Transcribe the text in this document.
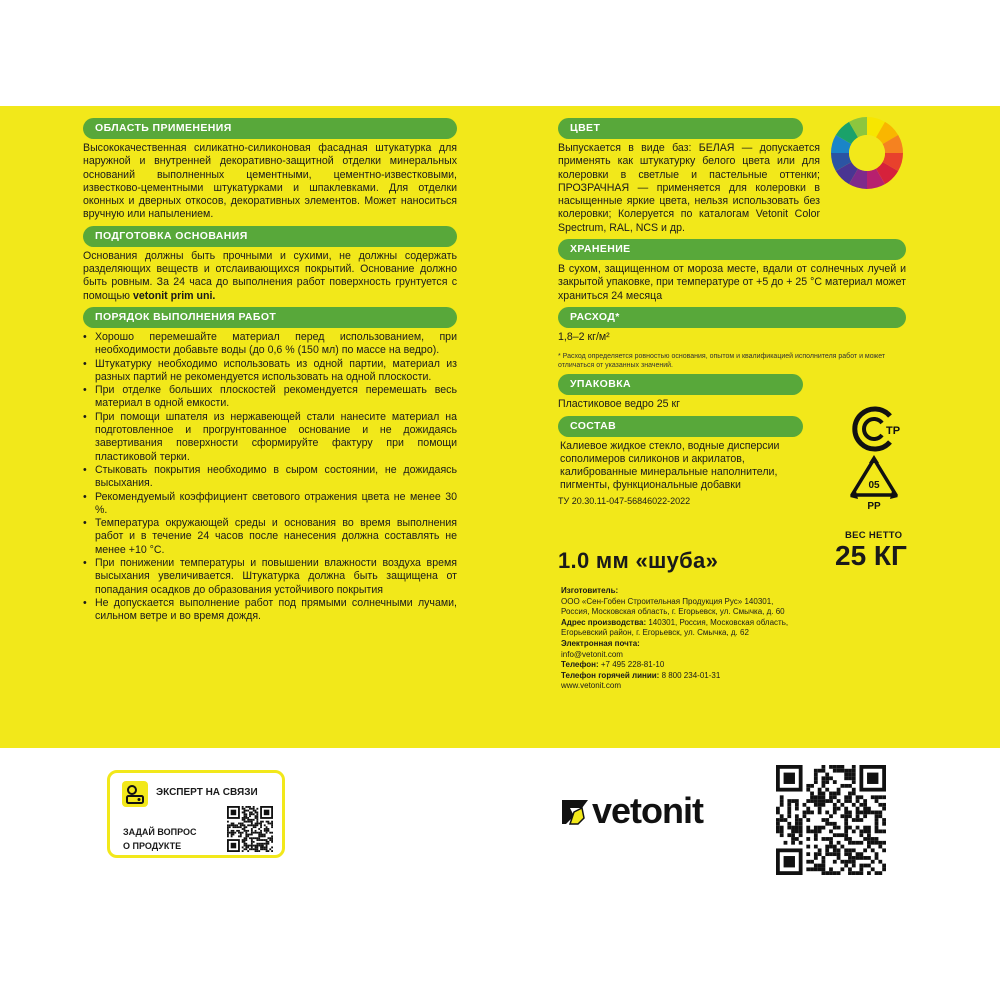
ОБЛАСТЬ ПРИМЕНЕНИЯ
Высококачественная силикатно-силиконовая фасадная штукатурка для наружной и внутренней декоративно-защитной отделки минеральных оснований выполненных цементными, цементно-известковыми, известково-цементными штукатурками и шпаклевками. Для отделки оконных и дверных откосов, декоративных элементов. Может наноситься вручную или напылением.
ПОДГОТОВКА ОСНОВАНИЯ
Основания должны быть прочными и сухими, не должны содержать разделяющих веществ и отслаивающихся покрытий. Основание должно быть ровным. За 24 часа до выполнения работ поверхность грунтуется с помощью vetonit prim uni.
ПОРЯДОК ВЫПОЛНЕНИЯ РАБОТ
• Хорошо перемешайте материал перед использованием, при необходимости добавьте воды (до 0,6 % (150 мл) по массе на ведро).
• Штукатурку необходимо использовать из одной партии, материал из разных партий не рекомендуется использовать на одной плоскости.
• При отделке больших плоскостей рекомендуется перемешать весь материал в одной емкости.
• При помощи шпателя из нержавеющей стали нанесите материал на подготовленное и прогрунтованное основание и не дожидаясь завертивания поверхности сформируйте фактуру при помощи пластиковой терки.
• Стыковать покрытия необходимо в сыром состоянии, не дожидаясь высыхания.
• Рекомендуемый коэффициент светового отражения цвета не менее 30 %.
• Температура окружающей среды и основания во время выполнения работ и в течение 24 часов после нанесения должна составлять не менее +10 °С.
• При понижении температуры и повышении влажности воздуха время высыхания увеличивается. Штукатурка должна быть защищена от попадания осадков до образования устойчивого покрытия
• Не допускается выполнение работ под прямыми солнечными лучами, сильном ветре и во время дождя.
ЦВЕТ
Выпускается в виде баз: БЕЛАЯ — допускается применять как штукатурку белого цвета или для колеровки в светлые и пастельные оттенки; ПРОЗРАЧНАЯ — применяется для колеровки в насыщенные яркие цвета, нельзя использовать без колеровки; Колеруется по каталогам Vetonit Color Spectrum, RAL, NCS и др.
ХРАНЕНИЕ
В сухом, защищенном от мороза месте, вдали от солнечных лучей и закрытой упаковке, при температуре от +5 до + 25 °С материал может храниться 24 месяца
РАСХОД*
1,8–2 кг/м²
* Расход определяется ровностью основания, опытом и квалификацией исполнителя работ и может отличаться от указанных значений.
УПАКОВКА
Пластиковое ведро 25 кг
СОСТАВ
Калиевое жидкое стекло, водные дисперсии сополимеров силиконов и акрилатов, калиброванные минеральные наполнители, пигменты, функциональные добавки
ТУ 20.30.11-047-56846022-2022
ТР
05
PP
1.0 мм «шуба»
ВЕС НЕТТО
25 КГ
Изготовитель:
ООО «Сен-Гобен Строительная Продукция Рус» 140301, Россия, Московская область, г. Егорьевск, ул. Смычка, д. 60
Адрес производства: 140301, Россия, Московская область, Егорьевский район, г. Егорьевск, ул. Смычка, д. 62
Электронная почта:
info@vetonit.com
Телефон: +7 495 228-81-10
Телефон горячей линии: 8 800 234-01-31
www.vetonit.com
ЭКСПЕРТ НА СВЯЗИ
ЗАДАЙ ВОПРОС
О ПРОДУКТЕ
vetonit
